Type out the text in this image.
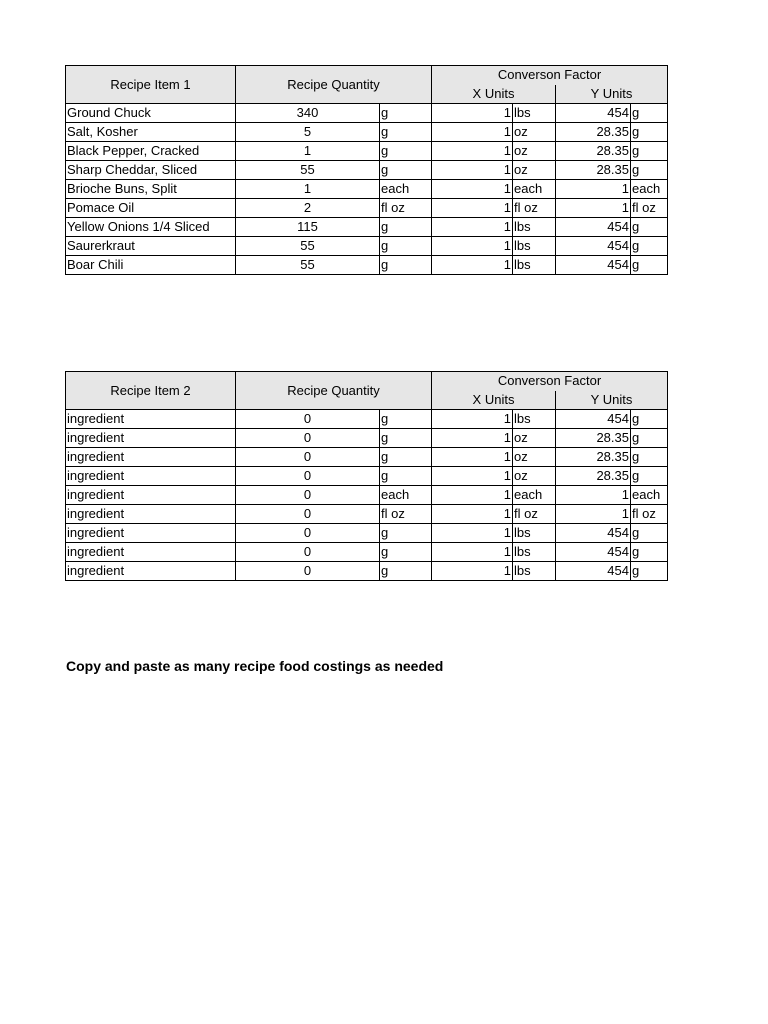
Recipe Item 1	Recipe Quantity		Converson Factor			
			X Units		Y Units	
Ground Chuck	340	g	1	lbs	454	g
Salt, Kosher	5	g	1	oz	28.35	g
Black Pepper, Cracked	1	g	1	oz	28.35	g
Sharp Cheddar, Sliced	55	g	1	oz	28.35	g
Brioche Buns, Split	1	each	1	each	1	each
Pomace Oil	2	fl oz	1	fl oz	1	fl oz
Yellow Onions 1/4 Sliced	115	g	1	lbs	454	g
Saurerkraut	55	g	1	lbs	454	g
Boar Chili	55	g	1	lbs	454	g
Recipe Item 2	Recipe Quantity		Converson Factor			
			X Units		Y Units	
ingredient	0	g	1	lbs	454	g
ingredient	0	g	1	oz	28.35	g
ingredient	0	g	1	oz	28.35	g
ingredient	0	g	1	oz	28.35	g
ingredient	0	each	1	each	1	each
ingredient	0	fl oz	1	fl oz	1	fl oz
ingredient	0	g	1	lbs	454	g
ingredient	0	g	1	lbs	454	g
ingredient	0	g	1	lbs	454	g
Copy and paste as many recipe food costings as needed
